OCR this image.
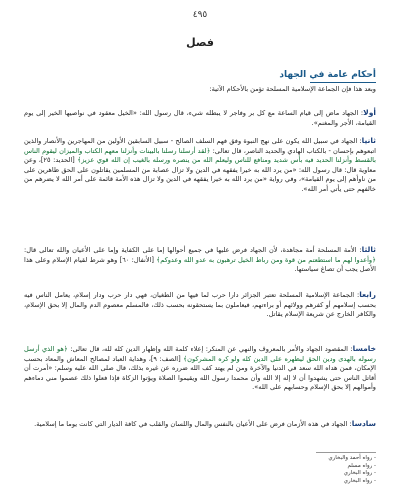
٤٩٥
فصل
أحكام عامة في الجهاد
وبعد هذا فإن الجماعة الإسلامية المسلحة تؤمن بالأحكام الآتية:
أولا: الجهاد ماض إلى قيام الساعة مع كل بر وفاجر لا يبطله شيء، قال رسول الله: «الخيل معقود في نواصيها الخير إلى يوم القيامة، الأجر والمغنم».
ثانيا: الجهاد في سبيل الله يكون على نهج النبوة وفق فهم السلف الصالح - سبيل السابقين الأولين من المهاجرين والأنصار والذين اتبعوهم بإحسان - بالكتاب الهادي والحديد الناصر، قال تعالى: ﴿لقد أرسلنا رسلنا بالبينات وأنزلنا معهم الكتاب والميزان ليقوم الناس بالقسط وأنزلنا الحديد فيه بأس شديد ومنافع للناس وليعلم الله من ينصره ورسله بالغيب إن الله قوي عزيز﴾ [الحديد: ٢٥]، وعن معاوية قال: قال رسول الله: «من يرد الله به خيرا يفقهه في الدين ولا تزال عصابة من المسلمين يقاتلون على الحق ظاهرين على من ناوأهم إلى يوم القيامة»، وفي رواية «من يرد الله به خيرا يفقهه في الدين ولا تزال هذه الأمة قائمة على أمر الله لا يضرهم من خالفهم حتى يأتي أمر الله».
ثالثا: الأمة المسلحة أمة مجاهدة، لأن الجهاد فرض عليها في جميع أحوالها إما على الكفاية وإما على الأعيان والله تعالى قال: ﴿وأعدوا لهم ما استطعتم من قوة ومن رباط الخيل ترهبون به عدو الله وعدوكم﴾ [الأنفال: ٦٠] وهو شرط لقيام الإسلام وعلى هذا الأصل يجب أن تصاغ سياستها.
رابعا: الجماعة الإسلامية المسلحة تعتبر الجزائر دارا حرب لما فيها من الطغيان، فهي دار حرب ودار إسلام، يعامل الناس فيه بحسب إسلامهم أو كفرهم وولائهم أو براءتهم، فيعاملون بما يستحقونه بحسب ذلك، فالمسلم معصوم الدم والمال إلا بحق الإسلام، والكافر الخارج عن شريعة الإسلام يقاتل.
خامسا: المقصود الجهاد والأمر بالمعروف والنهي عن المنكر: إعلاء كلمة الله وإظهار الدين كله لله، قال تعالى: ﴿هو الذي أرسل رسوله بالهدى ودين الحق ليظهره على الدين كله ولو كره المشركون﴾ [الصف: ٩]، وهداية العباد لمصالح المعاش والمعاد بحسب الإمكان، فمن هداه الله سعد في الدنيا والآخرة ومن لم يهتد كف الله ضرره عن غيره بذلك، قال صلى الله عليه وسلم: «أمرت أن أقاتل الناس حتى يشهدوا أن لا إله إلا الله وأن محمدا رسول الله ويقيموا الصلاة ويؤتوا الزكاة فإذا فعلوا ذلك عصموا مني دماءهم وأموالهم إلا بحق الإسلام وحسابهم على الله».
سادسا: الجهاد في هذه الأزمان فرض على الأعيان بالنفس والمال واللسان والقلب في كافة الديار التي كانت يوما ما إسلامية.
- رواه أحمد والبخاري
- رواه مسلم
- رواه البخاري
- رواه البخاري
